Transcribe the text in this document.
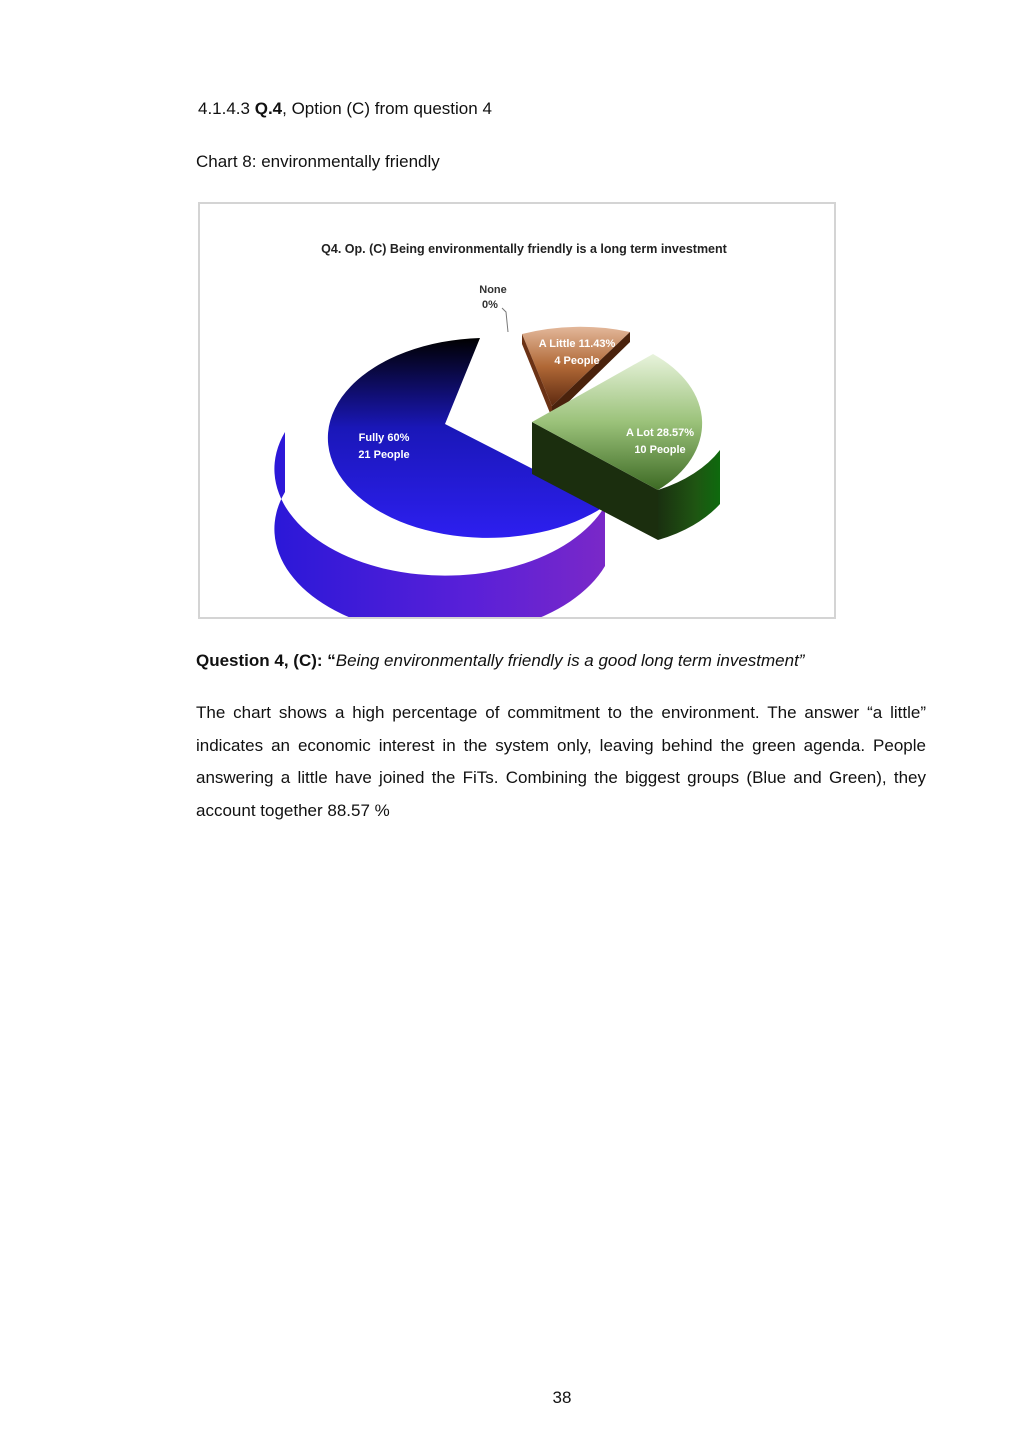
4.1.4.3 Q.4, Option (C) from question 4
Chart 8: environmentally friendly
Q4. Op. (C) Being environmentally friendly is a long term investment
None
0%
A Little 11.43%
4 People
A Lot 28.57%
10 People
Fully 60%
21 People
Question 4, (C): “Being environmentally friendly is a good long term investment”
The chart shows a high percentage of commitment to the environment. The answer “a little” indicates an economic interest in the system only, leaving behind the green agenda. People answering a little have joined the FiTs. Combining the biggest groups (Blue and Green), they account together 88.57 %
38
